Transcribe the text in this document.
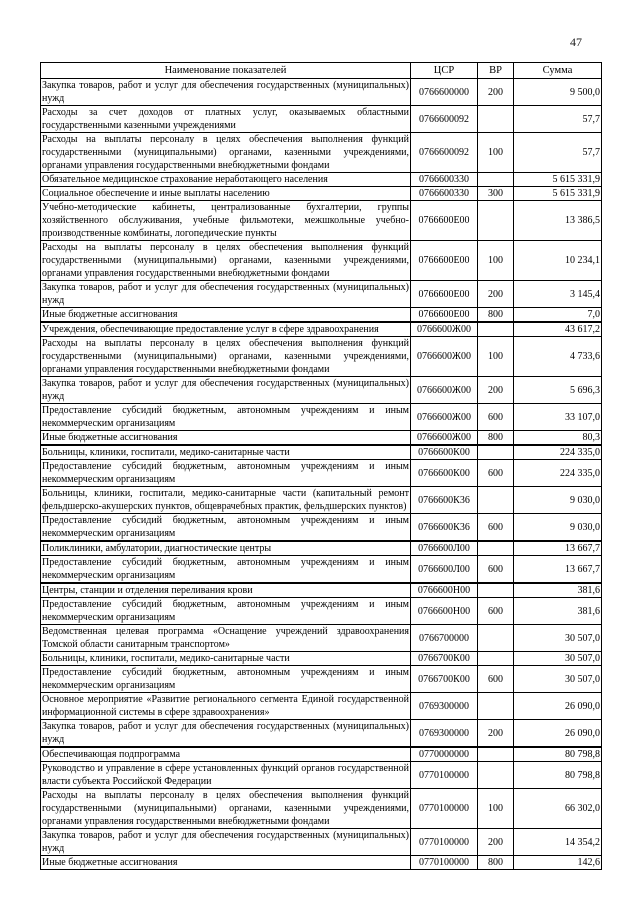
47
Наименование показателей	ЦСР	ВР	Сумма
Закупка товаров, работ и услуг для обеспечения государственных (муниципальных) нужд	0766600000	200	9 500,0
Расходы за счет доходов от платных услуг, оказываемых областными государственными казенными учреждениями	0766600092		57,7
Расходы на выплаты персоналу в целях обеспечения выполнения функций государственными (муниципальными) органами, казенными учреждениями, органами управления государственными внебюджетными фондами	0766600092	100	57,7
Обязательное медицинское страхование неработающего населения	0766600330		5 615 331,9
Социальное обеспечение и иные выплаты населению	0766600330	300	5 615 331,9
Учебно-методические кабинеты, централизованные бухгалтерии, группы хозяйственного обслуживания, учебные фильмотеки, межшкольные учебно-производственные комбинаты, логопедические пункты	0766600E00		13 386,5
Расходы на выплаты персоналу в целях обеспечения выполнения функций государственными (муниципальными) органами, казенными учреждениями, органами управления государственными внебюджетными фондами	0766600E00	100	10 234,1
Закупка товаров, работ и услуг для обеспечения государственных (муниципальных) нужд	0766600E00	200	3 145,4
Иные бюджетные ассигнования	0766600E00	800	7,0
Учреждения, обеспечивающие предоставление услуг в сфере здравоохранения	0766600Ж00		43 617,2
Расходы на выплаты персоналу в целях обеспечения выполнения функций государственными (муниципальными) органами, казенными учреждениями, органами управления государственными внебюджетными фондами	0766600Ж00	100	4 733,6
Закупка товаров, работ и услуг для обеспечения государственных (муниципальных) нужд	0766600Ж00	200	5 696,3
Предоставление субсидий бюджетным, автономным учреждениям и иным некоммерческим организациям	0766600Ж00	600	33 107,0
Иные бюджетные ассигнования	0766600Ж00	800	80,3
Больницы, клиники, госпитали, медико-санитарные части	0766600К00		224 335,0
Предоставление субсидий бюджетным, автономным учреждениям и иным некоммерческим организациям	0766600К00	600	224 335,0
Больницы, клиники, госпитали, медико-санитарные части (капитальный ремонт фельдшерско-акушерских пунктов, общеврачебных практик, фельдшерских пунктов)	0766600К36		9 030,0
Предоставление субсидий бюджетным, автономным учреждениям и иным некоммерческим организациям	0766600К36	600	9 030,0
Поликлиники, амбулатории, диагностические центры	0766600Л00		13 667,7
Предоставление субсидий бюджетным, автономным учреждениям и иным некоммерческим организациям	0766600Л00	600	13 667,7
Центры, станции и отделения переливания крови	0766600Н00		381,6
Предоставление субсидий бюджетным, автономным учреждениям и иным некоммерческим организациям	0766600Н00	600	381,6
Ведомственная целевая программа «Оснащение учреждений здравоохранения Томской области санитарным транспортом»	0766700000		30 507,0
Больницы, клиники, госпитали, медико-санитарные части	0766700К00		30 507,0
Предоставление субсидий бюджетным, автономным учреждениям и иным некоммерческим организациям	0766700К00	600	30 507,0
Основное мероприятие «Развитие регионального сегмента Единой государственной информационной системы в сфере здравоохранения»	0769300000		26 090,0
Закупка товаров, работ и услуг для обеспечения государственных (муниципальных) нужд	0769300000	200	26 090,0
Обеспечивающая подпрограмма	0770000000		80 798,8
Руководство и управление в сфере установленных функций органов государственной власти субъекта Российской Федерации	0770100000		80 798,8
Расходы на выплаты персоналу в целях обеспечения выполнения функций государственными (муниципальными) органами, казенными учреждениями, органами управления государственными внебюджетными фондами	0770100000	100	66 302,0
Закупка товаров, работ и услуг для обеспечения государственных (муниципальных) нужд	0770100000	200	14 354,2
Иные бюджетные ассигнования	0770100000	800	142,6
